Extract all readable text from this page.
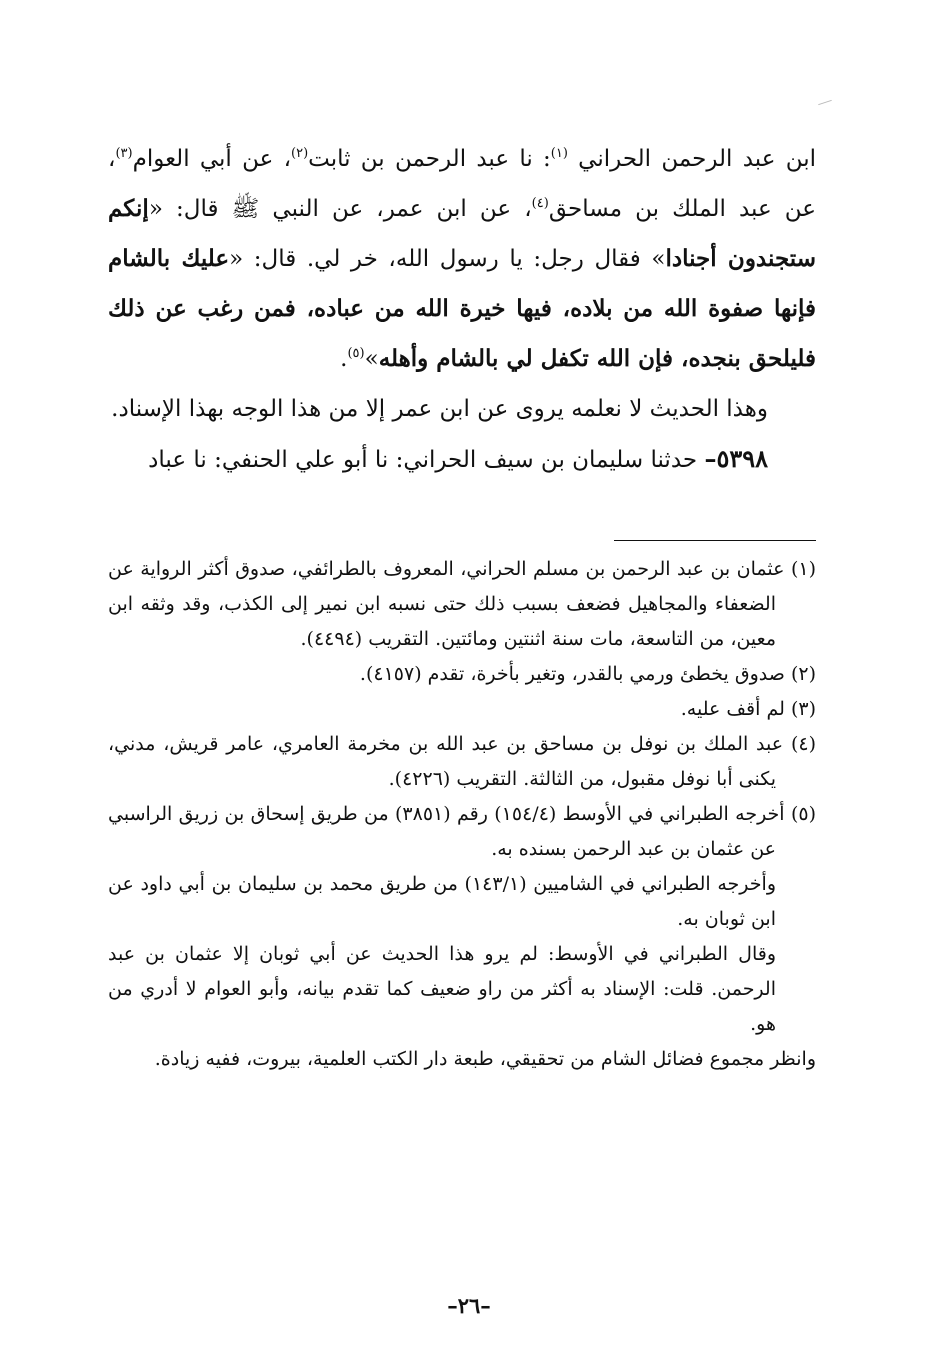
ابن عبد الرحمن الحراني $^{(١)}$: نا عبد الرحمن بن ثابت$^{(٢)}$، عن أبي العوام$^{(٣)}$، عن عبد الملك بن مساحق$^{(٤)}$، عن ابن عمر، عن النبي ﷺ قال: «إنكم ستجندون أجنادا» فقال رجل: يا رسول الله، خر لي. قال: «عليك بالشام فإنها صفوة الله من بلاده، فيها خيرة الله من عباده، فمن رغب عن ذلك فليلحق بنجده، فإن الله تكفل لي بالشام وأهله»$^{(٥)}$.

وهذا الحديث لا نعلمه يروى عن ابن عمر إلا من هذا الوجه بهذا الإسناد.

٥٣٩٨– حدثنا سليمان بن سيف الحراني: نا أبو علي الحنفي: نا عباد

(١) عثمان بن عبد الرحمن بن مسلم الحراني، المعروف بالطرائفي، صدوق أكثر الرواية عن الضعفاء والمجاهيل فضعف بسبب ذلك حتى نسبه ابن نمير إلى الكذب، وقد وثقه ابن معين، من التاسعة، مات سنة اثنتين ومائتين. التقريب (٤٤٩٤).

(٢) صدوق يخطئ ورمي بالقدر، وتغير بأخرة، تقدم (٤١٥٧).

(٣) لم أقف عليه.

(٤) عبد الملك بن نوفل بن مساحق بن عبد الله بن مخرمة العامري، عامر قريش، مدني، يكنى أبا نوفل مقبول، من الثالثة. التقريب (٤٢٢٦).

(٥) أخرجه الطبراني في الأوسط (١٥٤/٤) رقم (٣٨٥١) من طريق إسحاق بن زريق الراسبي عن عثمان بن عبد الرحمن بسنده به.

وأخرجه الطبراني في الشاميين (١٤٣/١) من طريق محمد بن سليمان بن أبي داود عن ابن ثوبان به.

وقال الطبراني في الأوسط: لم يرو هذا الحديث عن أبي ثوبان إلا عثمان بن عبد الرحمن. قلت: الإسناد به أكثر من راو ضعيف كما تقدم بيانه، وأبو العوام لا أدري من هو.

وانظر مجموع فضائل الشام من تحقيقي، طبعة دار الكتب العلمية، بيروت، ففيه زيادة.

–٢٦–
